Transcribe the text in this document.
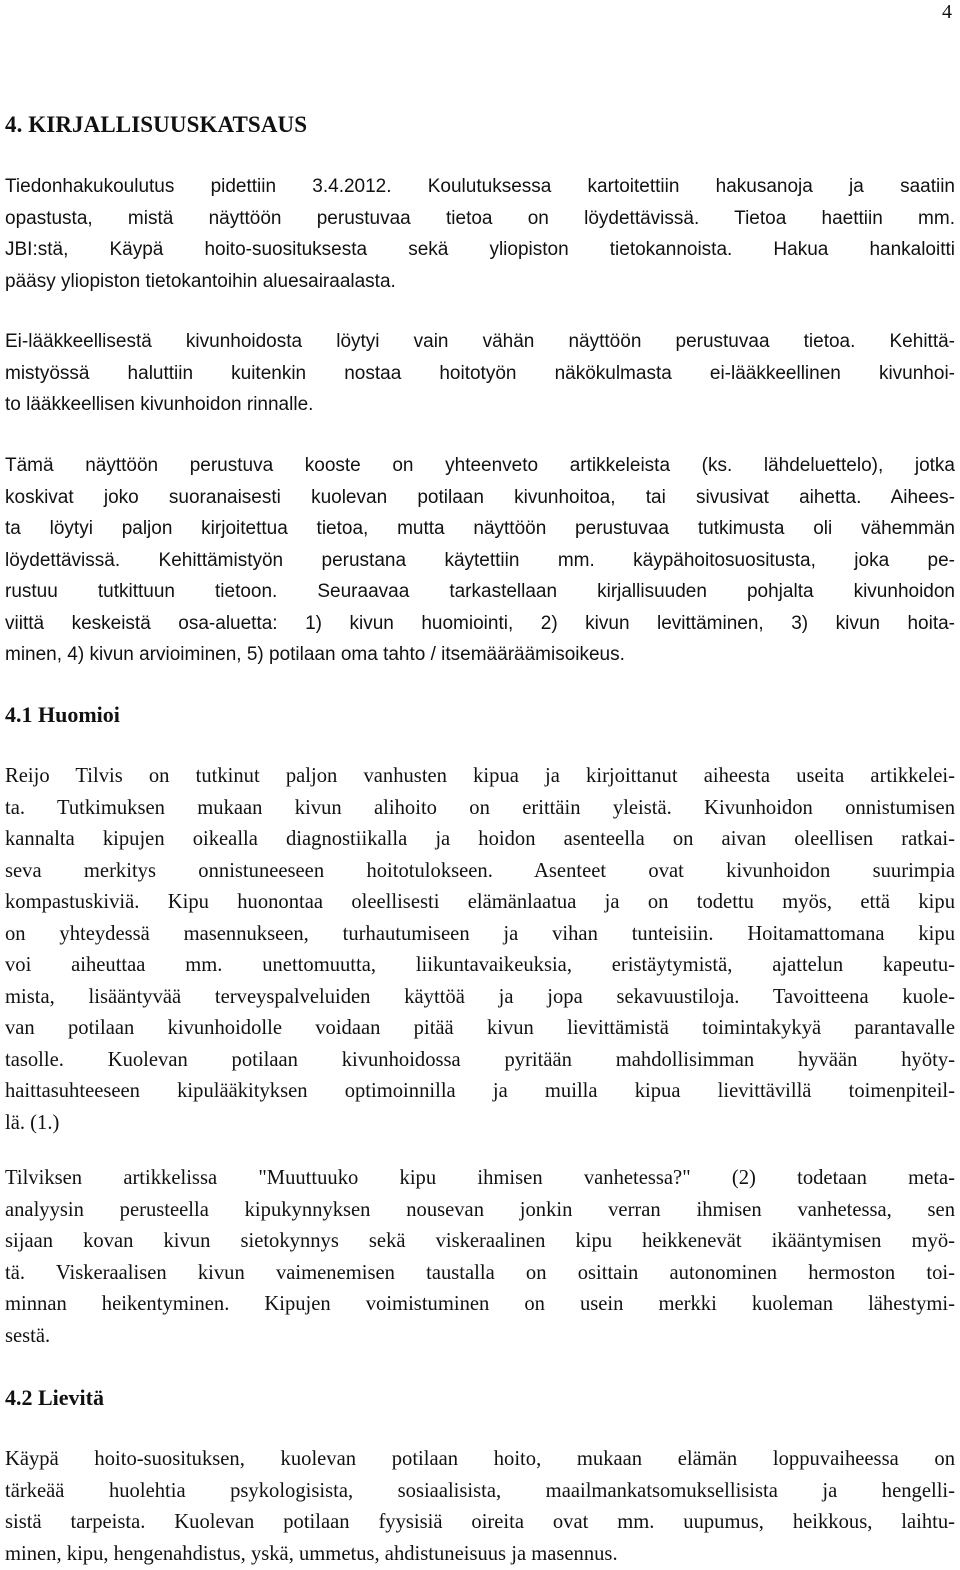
4
4. KIRJALLISUUSKATSAUS

Tiedonhakukoulutus pidettiin 3.4.2012. Koulutuksessa kartoitettiin hakusanoja ja saatiin
opastusta, mistä näyttöön perustuvaa tietoa on löydettävissä. Tietoa haettiin mm.
JBI:stä, Käypä hoito-suosituksesta sekä yliopiston tietokannoista. Hakua hankaloitti
pääsy yliopiston tietokantoihin aluesairaalasta.

Ei-lääkkeellisestä kivunhoidosta löytyi vain vähän näyttöön perustuvaa tietoa. Kehittä-
mistyössä haluttiin kuitenkin nostaa hoitotyön näkökulmasta ei-lääkkeellinen kivunhoi-
to lääkkeellisen kivunhoidon rinnalle.

Tämä näyttöön perustuva kooste on yhteenveto artikkeleista (ks. lähdeluettelo), jotka
koskivat joko suoranaisesti kuolevan potilaan kivunhoitoa, tai sivusivat aihetta. Aihees-
ta löytyi paljon kirjoitettua tietoa, mutta näyttöön perustuvaa tutkimusta oli vähemmän
löydettävissä. Kehittämistyön perustana käytettiin mm. käypähoitosuositusta, joka pe-
rustuu tutkittuun tietoon. Seuraavaa tarkastellaan kirjallisuuden pohjalta kivunhoidon
viittä keskeistä osa-aluetta: 1) kivun huomiointi, 2) kivun levittäminen, 3) kivun hoita-
minen, 4) kivun arvioiminen, 5) potilaan oma tahto / itsemääräämisoikeus.

4.1 Huomioi

Reijo Tilvis on tutkinut paljon vanhusten kipua ja kirjoittanut aiheesta useita artikkelei-
ta. Tutkimuksen mukaan kivun alihoito on erittäin yleistä. Kivunhoidon onnistumisen
kannalta kipujen oikealla diagnostiikalla ja hoidon asenteella on aivan oleellisen ratkai-
seva merkitys onnistuneeseen hoitotulokseen. Asenteet ovat kivunhoidon suurimpia
kompastuskiviä. Kipu huonontaa oleellisesti elämänlaatua ja on todettu myös, että kipu
on yhteydessä masennukseen, turhautumiseen ja vihan tunteisiin. Hoitamattomana kipu
voi aiheuttaa mm. unettomuutta, liikuntavaikeuksia, eristäytymistä, ajattelun kapeutu-
mista, lisääntyvää terveyspalveluiden käyttöä ja jopa sekavuustiloja. Tavoitteena kuole-
van potilaan kivunhoidolle voidaan pitää kivun lievittämistä toimintakykyä parantavalle
tasolle. Kuolevan potilaan kivunhoidossa pyritään mahdollisimman hyvään hyöty-
haittasuhteeseen kipulääkityksen optimoinnilla ja muilla kipua lievittävillä toimenpiteil-
lä. (1.)

Tilviksen artikkelissa "Muuttuuko kipu ihmisen vanhetessa?" (2) todetaan meta-
analyysin perusteella kipukynnyksen nousevan jonkin verran ihmisen vanhetessa, sen
sijaan kovan kivun sietokynnys sekä viskeraalinen kipu heikkenevät ikääntymisen myö-
tä. Viskeraalisen kivun vaimenemisen taustalla on osittain autonominen hermoston toi-
minnan heikentyminen. Kipujen voimistuminen on usein merkki kuoleman lähestymi-
sestä.

4.2 Lievitä

Käypä hoito-suosituksen, kuolevan potilaan hoito, mukaan elämän loppuvaiheessa on
tärkeää huolehtia psykologisista, sosiaalisista, maailmankatsomuksellisista ja hengelli-
sistä tarpeista. Kuolevan potilaan fyysisiä oireita ovat mm. uupumus, heikkous, laihtu-
minen, kipu, hengenahdistus, yskä, ummetus, ahdistuneisuus ja masennus.
